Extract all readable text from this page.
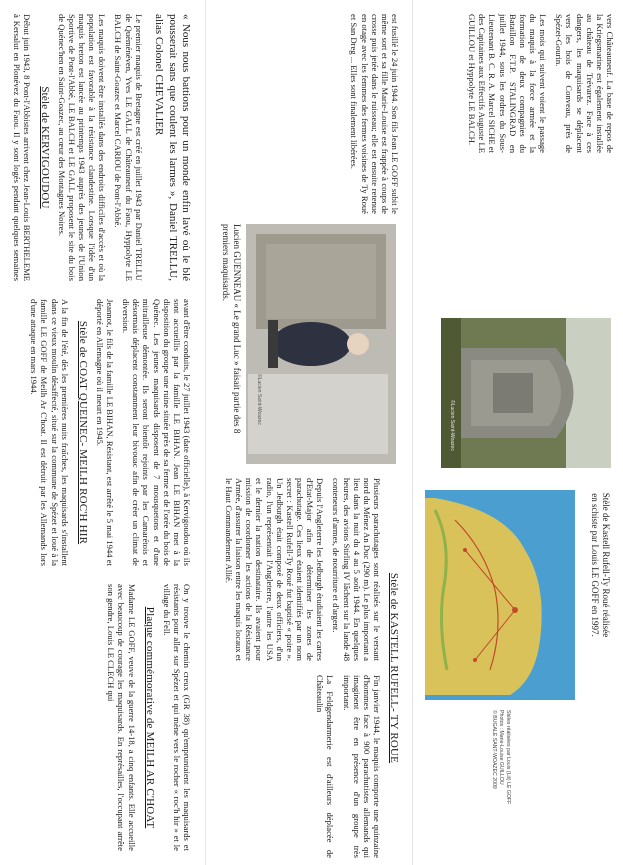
« Nous nous battions pour un monde enfin lavé où le blé pousserait sans que coulent les larmes », Daniel TRELLU, alias Colonel CHEVALIER

Le premier maquis de Bretagne est créé en juillet 1943 par Daniel TRELLU de Quéménéven, Yves LE GALL de Châteauneuf du Faou, Hyppolyte LE BALCH de Saint-Goazec et Marcel CARIOU de Pont-l'Abbé.

Les maquis doivent être installés dans des endroits difficiles d'accès et où la population est favorable à la résistance clandestine. Lorsque l'idée d'un maquis breton est lancée au printemps 1943 auprès des jeunes de l'Union Sportive de Pont-l'Abbé, LE BALCH et LE GALL proposent le site du bois de Quénec'hen en Saint-Goazec, au cœur des Montagnes Noires.

Stèle de KERVIGOUDOU

Début juin 1943, 8 Pont-l'Abbistes arrivent chez Jean-Louis BERTHELEME à Kersalut en Plonévez du Faou. Il y sont logés pendant quelques semaines avant d'être conduits, le 27 juillet 1943 (date officielle), à Kervigoudou où ils sont accueillis par la famille LE BIHAN. Jean LE BIHAN met à la disposition du groupe une ruine située près de sa ferme et de l'orée du bois de Quénec. Les jeunes maquisards disposent de 7 mousquetons et d'une mitrailleuse démontée. Ils seront bientôt rejoints par les Camarétois et désormais déplacent constamment leur bivouac afin de créer un climat de diversion.

Jeannot, le fils de la famille LE BIHAN, Résistant, est arrêté le 5 mai 1944 et déporté en Allemagne où il meurt en 1945.

Stèle de COAT QUEINEC- MEILH ROC'H HIR

A la fin de l'été, dès les premières nuits fraîches, les maquisards s'installent dans ce vieux moulin désaffecté, situé sur la commune de Spézet et loué à la famille LE GOFF de Meilh Ar C'hoat. Il est détruit par les Allemands lors d'une attaque en mars 1944.

On y trouve le chemin creux (GR 38) qu'empruntaient les maquisards et résistants pour aller sur Spézet et qui mène vers le rocher « roc'h hir » et le village du Fell.

Plaque commémorative de MEILH AR C'HOAT

Madame LE GOFF, veuve de la guerre 14-18, a cinq enfants. Elle accueille avec beaucoup de courage les maquisards. En représailles, l'occupant arrête son gendre, Louis LE CLECH qui

est fusillé le 24 juin 1944. Son fils Jean LE GOFF subit le même sort et sa fille Marie-Louise est frappée à coups de crosse puis jetée dans le ruisseau; elle est ensuite retenue en otage avec les femmes des fermes voisines de Ty Roué et San Dreg ... Elles sont finalement libérées.

©Lucien Saint-Woazec
Lucien GUENNEAU « Le grand Luc » faisait partie des 8 premiers maquisards.
Stèle de KASTELL RUFELL- TY ROUE

Plusieurs parachutages sont réalisés sur le versant nord du Ménez An Duc (290 m). Le plus important a lieu dans la nuit du 4 au 5 août 1944. En quelques heures, des avions Stirling IV lâchent sur la lande 48 conteneurs d'armes, de nourriture et d'argent.

Depuis l'Angleterre les Jedburgh étudiaient les cartes d'Etat-Major afin de déterminer les zones de parachutage. Ces lieux étaient identifiés par un nom secret : Kastell Rufell-Ty Roué fut baptisé « poire ». Un Jedburgh était composé de deux officiers, d'un radio, l'un représentait l'Angleterre, l'autre les USA et le dernier la nation destinataire. Ils avaient pour mission de coordonner les actions de la Résistance Armée, d'assurer la liaison entre les maquis locaux et le Haut Commandement Allié.

Fin janvier 1944, le maquis comporte une quinzaine d'hommes face à 900 parachutistes allemands qui imaginent être en présence d'un groupe très important.

La Feldgendarmerie est d'ailleurs déplacée de Châteaulin

vers Châteauneuf. La base de repos de la Kriegsmarine est également installée au château de Trévarez. Face à ces dangers, les maquisards se déplacent vers les bois de Conveau, près de Spézet-Gourin.

Les mois qui suivent voient le passage du maquis à la force armée et la formation de deux compagnies du Bataillon F.T.P. STALINGRAD en juillet 1944, sous les ordres du Sous-Lieutenant B. C. R. A. Marcel SICHE et des Capitaines aux Effectifs Auguste LE GUILLOU et Hyppolyte LE BALCH.

©Lucien Saint-Woazec
Stèle de Kastell Rufell-Ty Roué réalisée en schiste par Louis LE GOFF en 1997.
Stèles réalisées par Louis (Lili) LE GOFF
Photos : Marie-Louise GUILLOU
© BUGALE SANT-WOAZEC 2009
